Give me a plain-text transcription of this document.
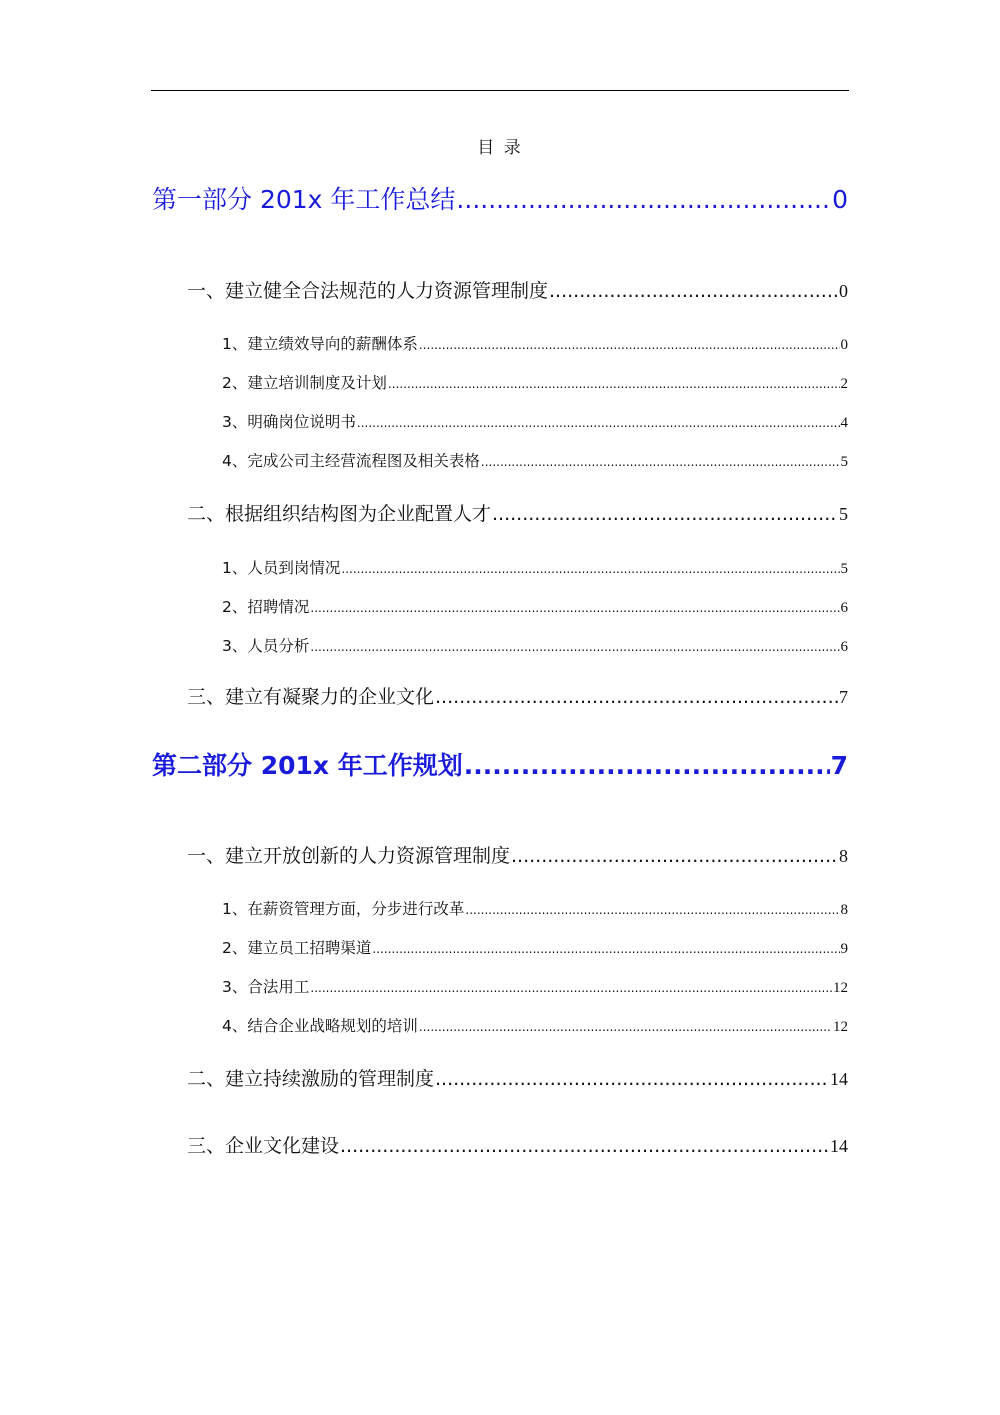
目 录
第一部分 201x 年工作总结 .....	0
一、建立健全合法规范的人力资源管理制度 .....	0
1、建立绩效导向的薪酬体系 .....	0
2、建立培训制度及计划 .....	2
3、明确岗位说明书 .....	4
4、完成公司主经营流程图及相关表格 .....	5
二、根据组织结构图为企业配置人才 .....	5
1、人员到岗情况 .....	5
2、招聘情况 .....	6
3、人员分析 .....	6
三、建立有凝聚力的企业文化 .....	7
第二部分 201x 年工作规划 .....	7
一、建立开放创新的人力资源管理制度 .....	8
1、在薪资管理方面，分步进行改革 .....	8
2、建立员工招聘渠道 .....	9
3、合法用工 .....	12
4、结合企业战略规划的培训 .....	12
二、建立持续激励的管理制度 .....	14
三、企业文化建设 .....	14
